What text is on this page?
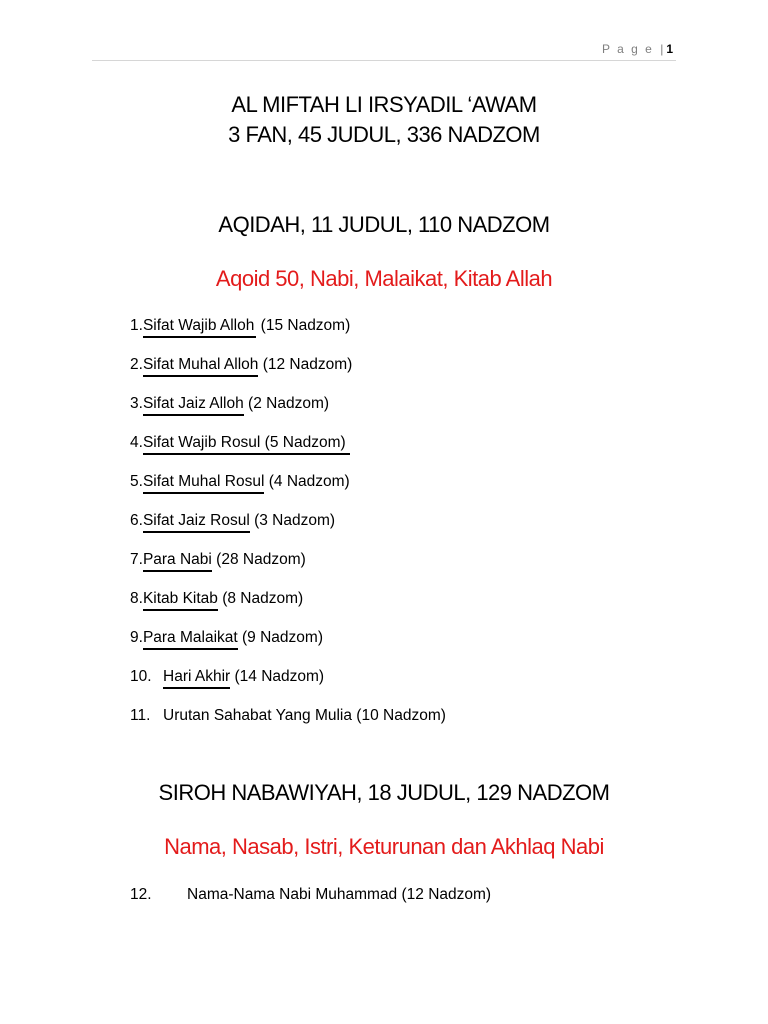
P a g e |1
AL MIFTAH LI IRSYADIL ‘AWAM
3 FAN, 45 JUDUL, 336 NADZOM
AQIDAH, 11 JUDUL, 110 NADZOM
Aqoid 50, Nabi, Malaikat, Kitab Allah
1.Sifat Wajib Alloh (15 Nadzom)
2.Sifat Muhal Alloh (12 Nadzom)
3.Sifat Jaiz Alloh (2 Nadzom)
4.Sifat Wajib Rosul (5 Nadzom)
5.Sifat Muhal Rosul (4 Nadzom)
6.Sifat Jaiz Rosul (3 Nadzom)
7.Para Nabi (28 Nadzom)
8.Kitab Kitab (8 Nadzom)
9.Para Malaikat (9 Nadzom)
10. Hari Akhir (14 Nadzom)
11. Urutan Sahabat Yang Mulia (10 Nadzom)
SIROH NABAWIYAH, 18 JUDUL, 129 NADZOM
Nama, Nasab, Istri, Keturunan dan Akhlaq Nabi
12. Nama-Nama Nabi Muhammad (12 Nadzom)
